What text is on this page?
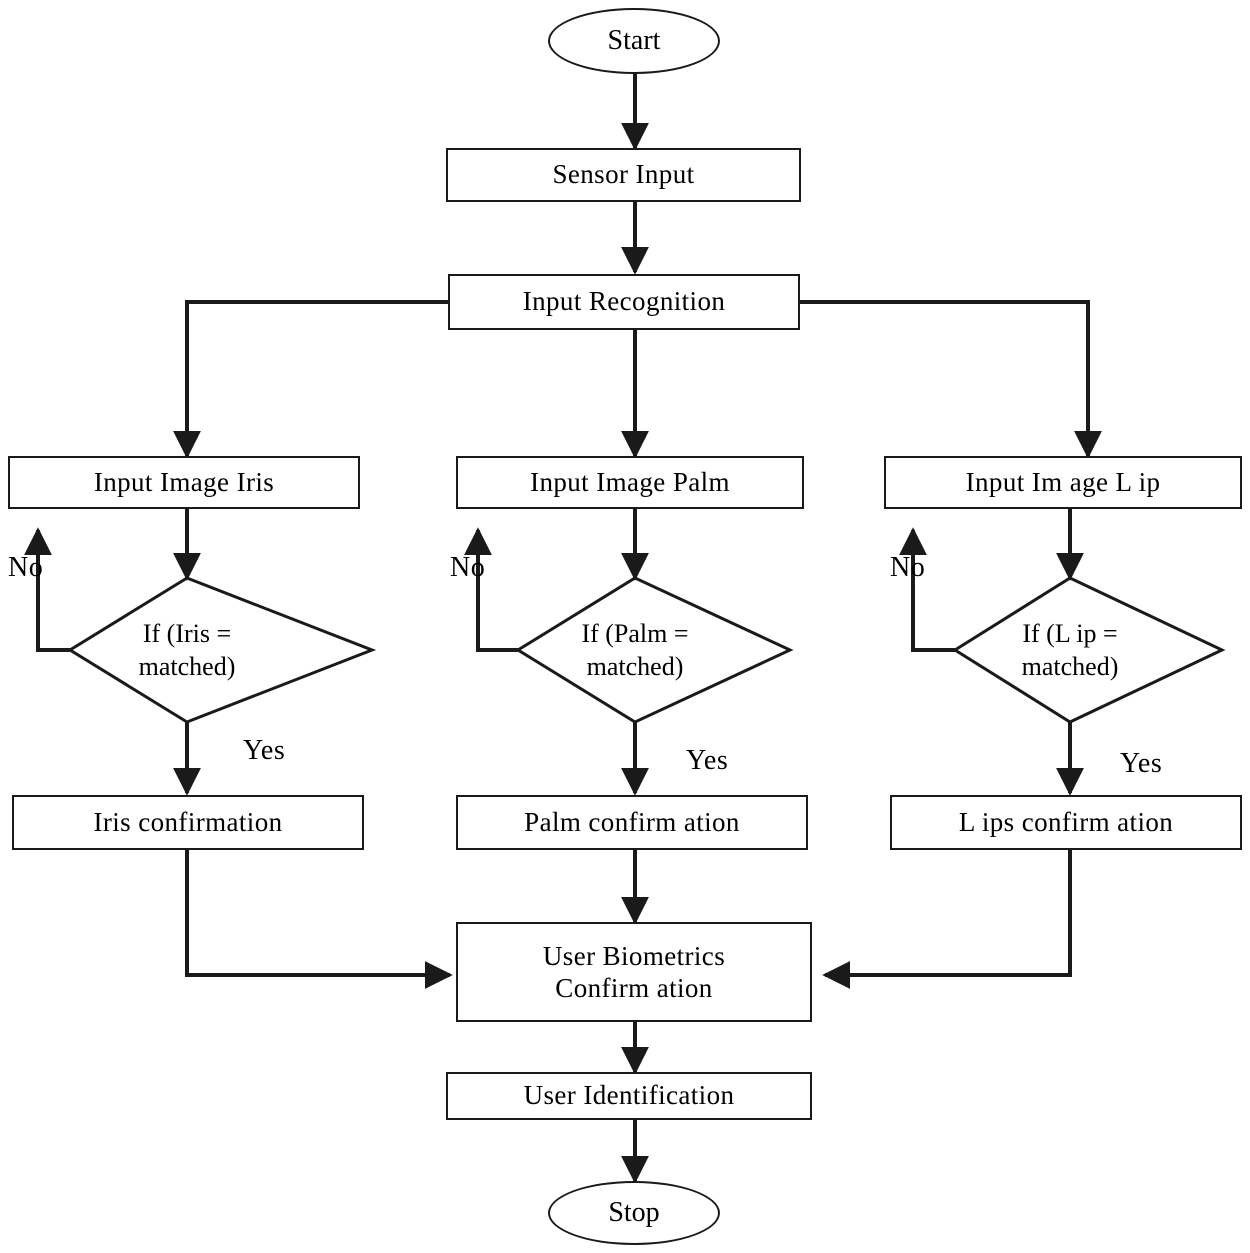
Start
Stop
Sensor Input
Input Recognition
Input Image Iris	Input Image Palm	Input Im age L ip
If (Iris =
matched)
If (Palm =
matched)
If (L ip =
matched)
Iris confirmation	Palm confirm ation	L ips confirm ation
User Biometrics
Confirm ation
User Identification
No	No	No
Yes	Yes	Yes
